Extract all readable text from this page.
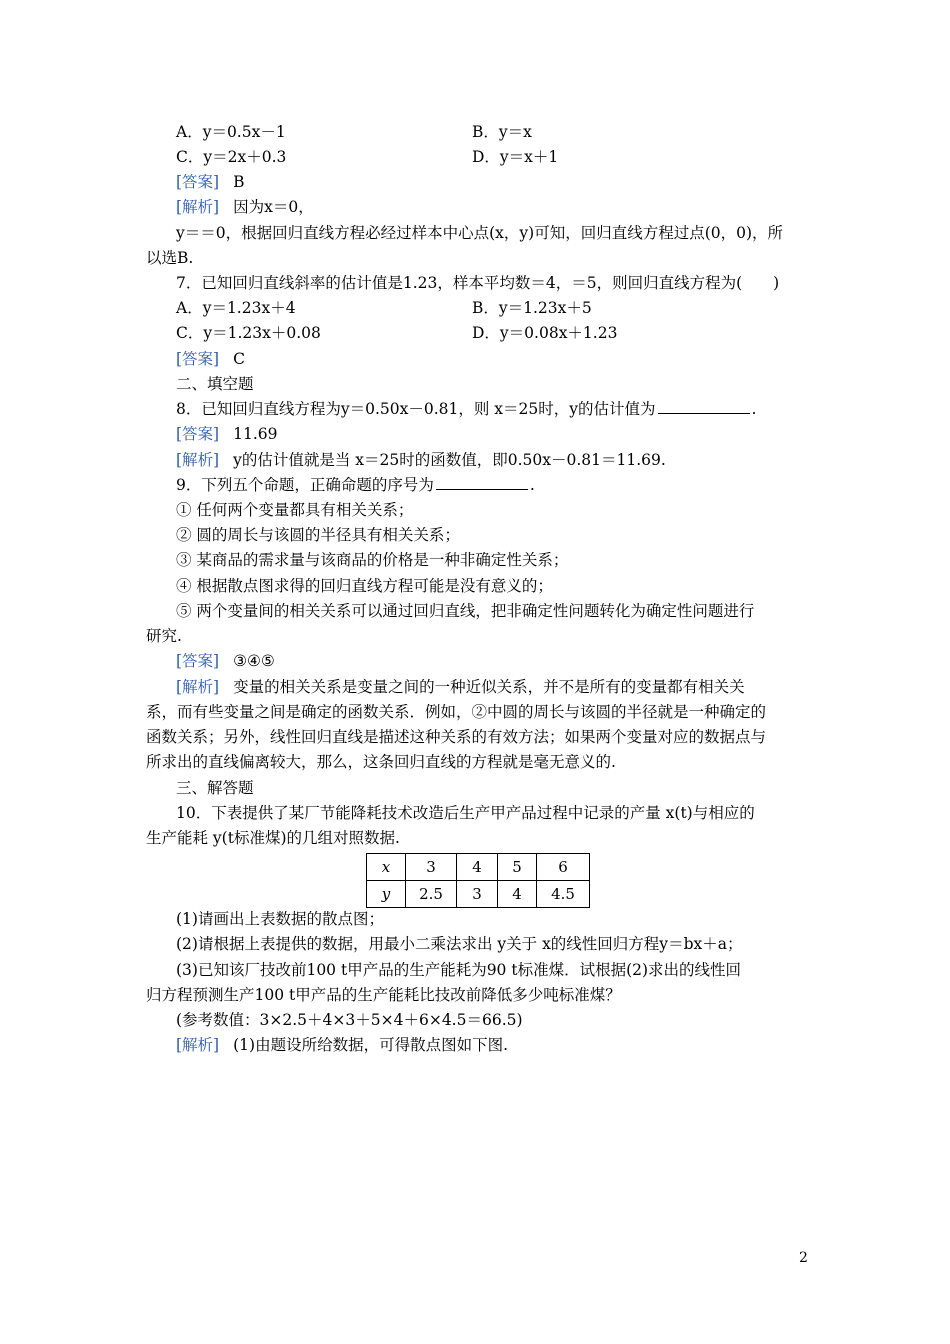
A．y＝0.5x－1	B．y＝x
C．y＝2x＋0.3	D．y＝x＋1
[答案] B
[解析] 因为x＝0，
y＝＝0，根据回归直线方程必经过样本中心点(x，y)可知，回归直线方程过点(0，0)，所
以选B.
7．已知回归直线斜率的估计值是1.23，样本平均数＝4，＝5，则回归直线方程为(　　)
A．y＝1.23x＋4	B．y＝1.23x＋5
C．y＝1.23x＋0.08	D．y＝0.08x＋1.23
[答案] C
二、填空题
8．已知回归直线方程为y＝0.50x－0.81，则 x＝25时，y的估计值为	.
[答案] 11.69
[解析] y的估计值就是当 x＝25时的函数值，即0.50x－0.81＝11.69.
9．下列五个命题，正确命题的序号为	.
① 任何两个变量都具有相关关系；
② 圆的周长与该圆的半径具有相关关系；
③ 某商品的需求量与该商品的价格是一种非确定性关系；
④ 根据散点图求得的回归直线方程可能是没有意义的；
⑤ 两个变量间的相关关系可以通过回归直线，把非确定性问题转化为确定性问题进行
研究.
[答案] ③④⑤
[解析] 变量的相关关系是变量之间的一种近似关系，并不是所有的变量都有相关关
系，而有些变量之间是确定的函数关系．例如，②中圆的周长与该圆的半径就是一种确定的
函数关系；另外，线性回归直线是描述这种关系的有效方法；如果两个变量对应的数据点与
所求出的直线偏离较大，那么，这条回归直线的方程就是毫无意义的.
三、解答题
10．下表提供了某厂节能降耗技术改造后生产甲产品过程中记录的产量 x(t)与相应的
生产能耗 y(t标准煤)的几组对照数据.
x	3	4	5	6
y	2.5	3	4	4.5
(1)请画出上表数据的散点图；
(2)请根据上表提供的数据，用最小二乘法求出 y关于 x的线性回归方程y＝bx＋a；
(3)已知该厂技改前100 t甲产品的生产能耗为90 t标准煤．试根据(2)求出的线性回
归方程预测生产100 t甲产品的生产能耗比技改前降低多少吨标准煤？
(参考数值：3×2.5＋4×3＋5×4＋6×4.5＝66.5)
[解析] (1)由题设所给数据，可得散点图如下图.
2
